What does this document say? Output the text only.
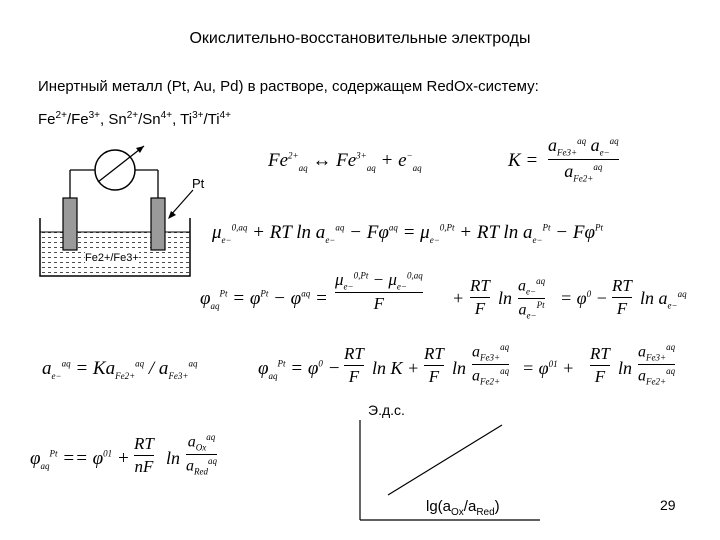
Окислительно-восстановительные электроды
Инертный металл (Pt, Au, Pd) в растворе, содержащем RedOx-систему:
$Fe^{2+}/Fe^{3+}$, $Sn^{2+}/Sn^{4+}$, $Ti^{3+}/Ti^{4+}$
Pt
Fe2+/Fe3+
$Fe^{2+}_{aq}$ ↔ $Fe^{3+}_{aq} + e^-_{aq}$	K =
$a_{Fe3+}^{aq}$ $a_{e-}^{aq}$
$a_{Fe2+}^{aq}$
$\mu_{e-}^{0,aq}$ + RT $\ln a_{e-}^{aq} - F\varphi^{aq} = \mu_{e-}^{0,Pt}$ + RT $\ln a_{e-}^{Pt} - F\varphi^{Pt}$
$\varphi_{aq}^{Pt} = \varphi^{Pt} - \varphi^{aq}$ =
$\mu_{e-}^{0,Pt} - \mu_{e-}^{0,aq}$
F	+
RT
F
ln
$a_{e-}^{aq}$
$a_{e-}^{Pt} = \varphi^0$ −
RT
F
$\ln a_{e-}^{aq}$
$a_{e-}^{aq} = Ka_{Fe2+}^{aq} / a_{Fe3+}^{aq}$	$\varphi_{aq}^{Pt} = \varphi^0$ −
RT
F ln K +
RT
F ln
$a_{Fe3+}^{aq}$
$a_{Fe2+}^{aq} = \varphi^{01}$ +
RT
F ln
$a_{Fe3+}^{aq}$
$a_{Fe2+}^{aq}$
$\varphi_{aq}^{Pt} == \varphi^{01}$ +
RT
nF ln
$a_{Ox}^{aq}$
$a_{Red}^{aq}$
Э.д.с.
$\lg(a_{Ox}/a_{Red})$	29
